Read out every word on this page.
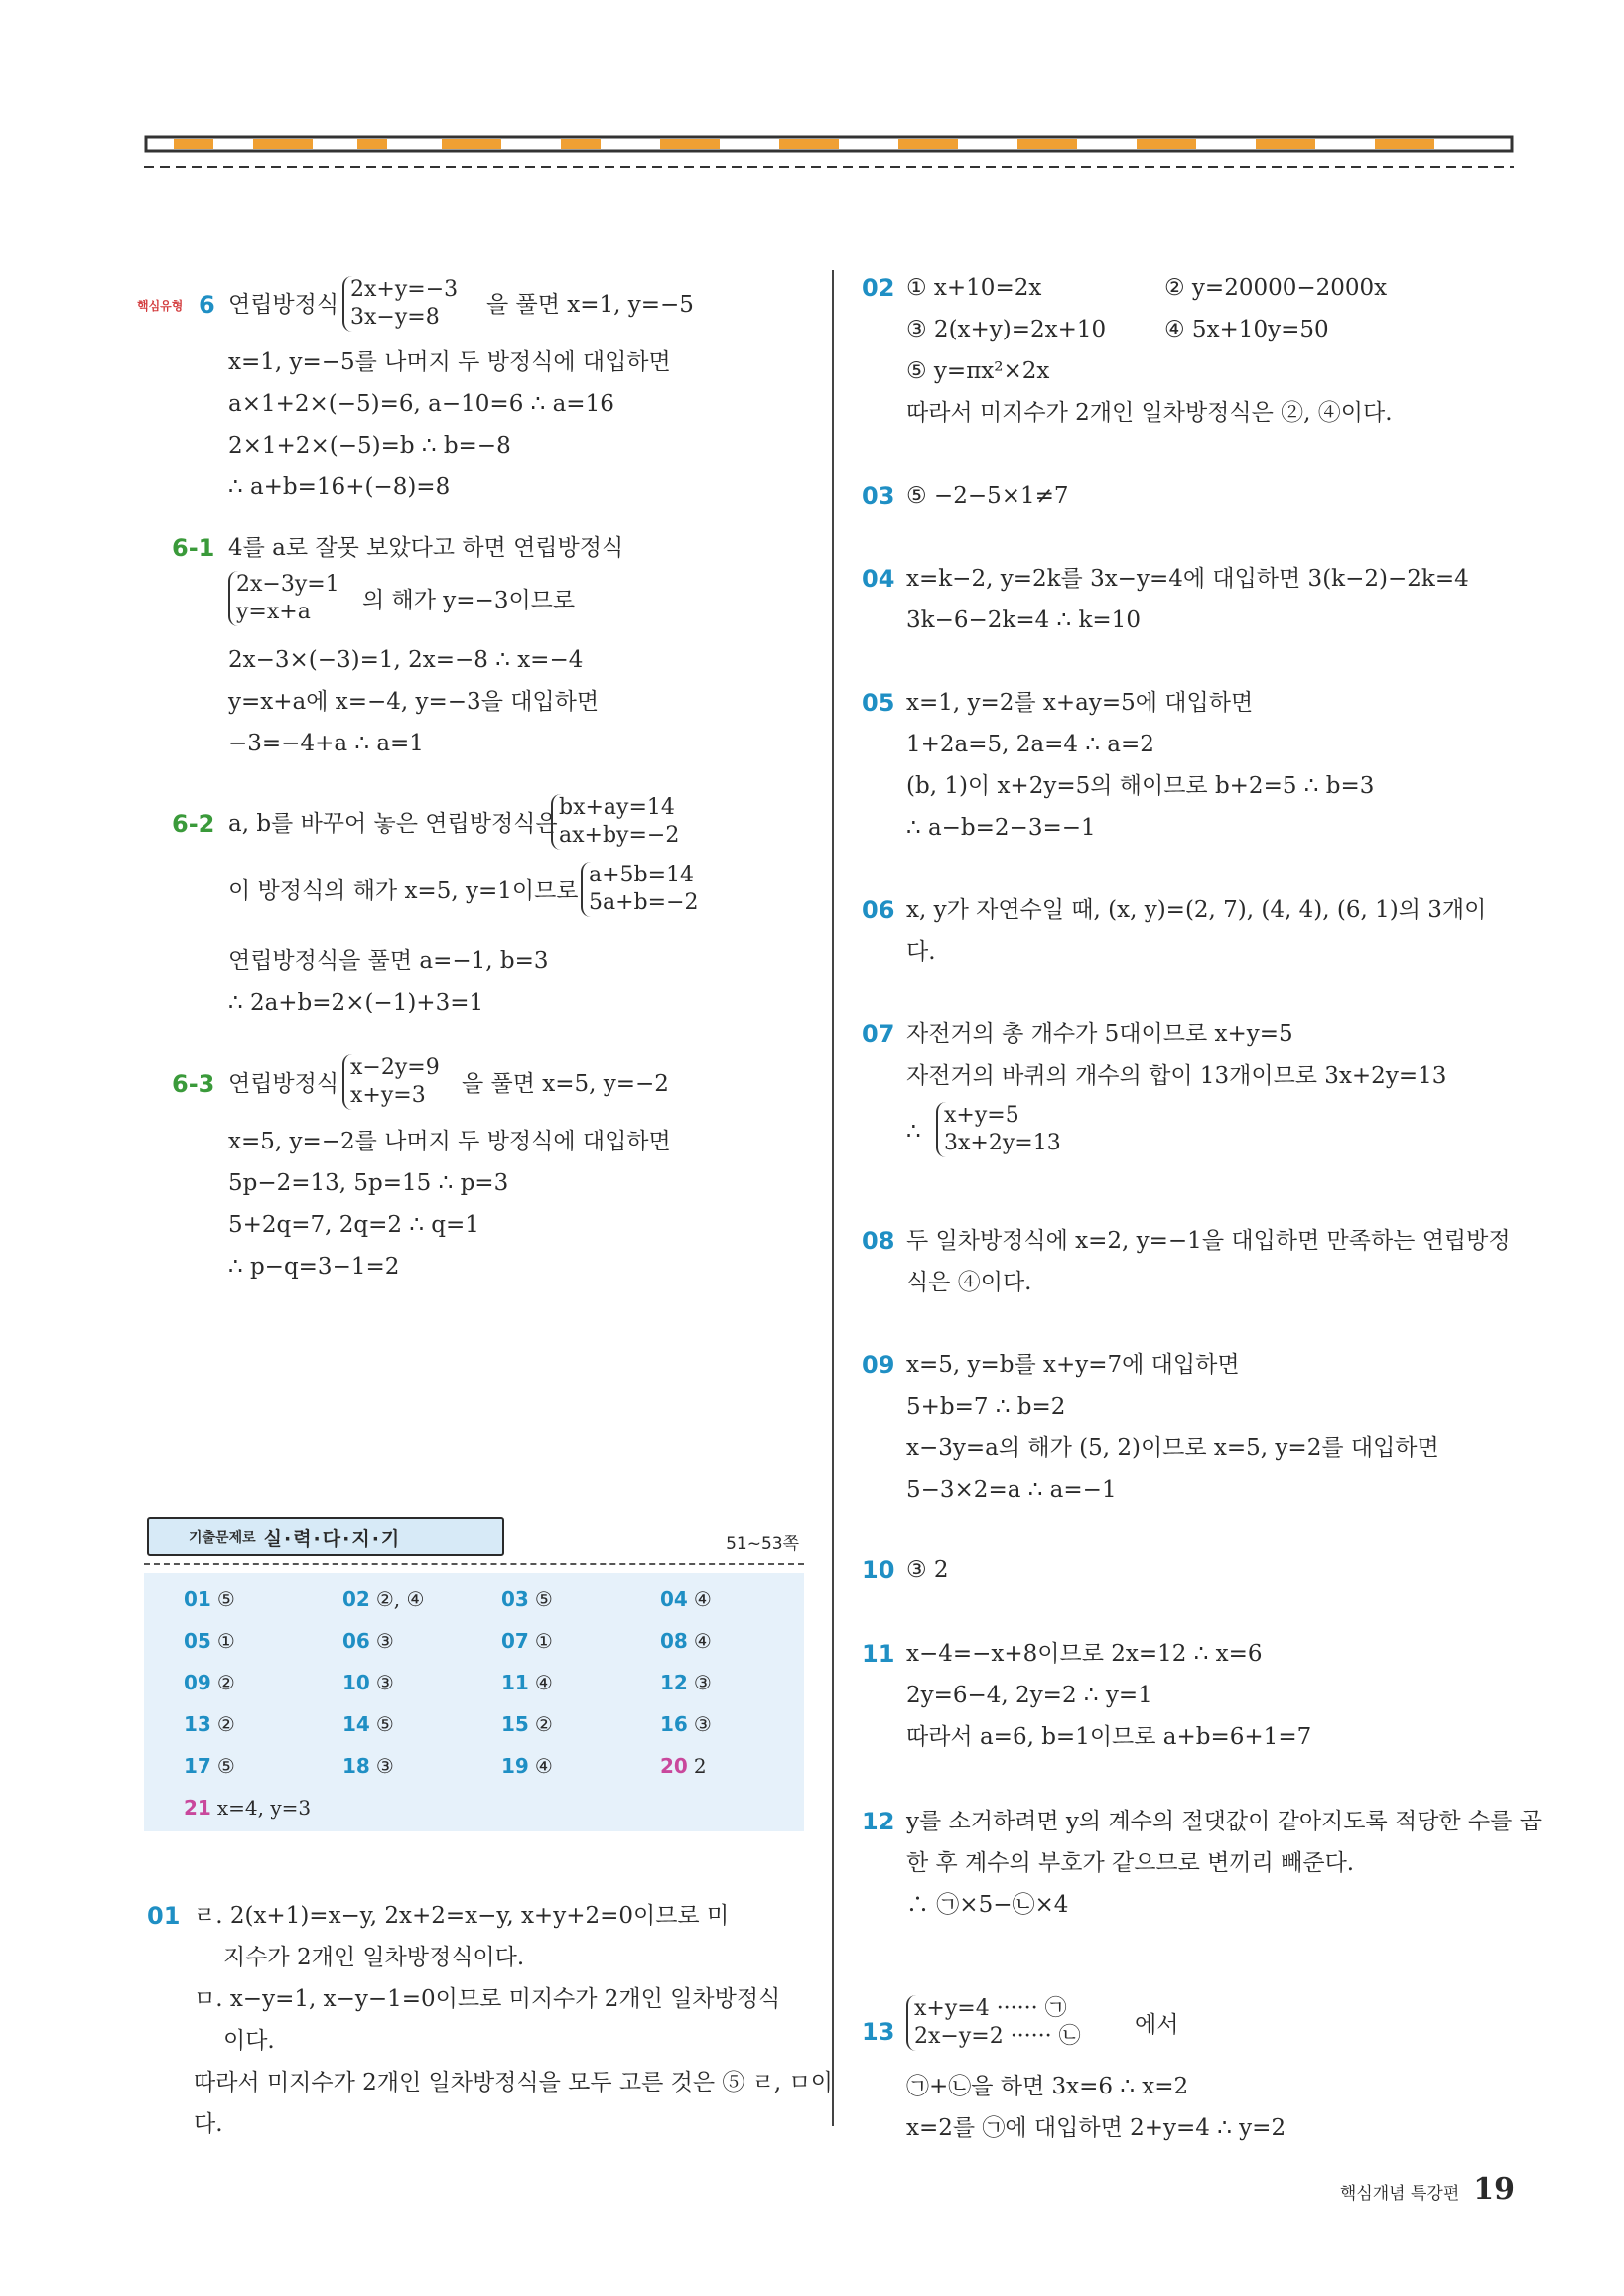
핵심유형 6 연립방정식
2x+y=−3
3x−y=8	을 풀면 x=1, y=−5
x=1, y=−5를 나머지 두 방정식에 대입하면
a×1+2×(−5)=6, a−10=6 ∴ a=16
2×1+2×(−5)=b ∴ b=−8
∴ a+b=16+(−8)=8
6-1 4를 a로 잘못 보았다고 하면 연립방정식
2x−3y=1
y=x+a	의 해가 y=−3이므로
2x−3×(−3)=1, 2x=−8 ∴ x=−4
y=x+a에 x=−4, y=−3을 대입하면
−3=−4+a ∴ a=1
6-2 a, b를 바꾸어 놓은 연립방정식은
bx+ay=14
ax+by=−2
이 방정식의 해가 x=5, y=1이므로
a+5b=14
5a+b=−2
연립방정식을 풀면 a=−1, b=3
∴ 2a+b=2×(−1)+3=1
6-3 연립방정식
x−2y=9
x+y=3	을 풀면 x=5, y=−2
x=5, y=−2를 나머지 두 방정식에 대입하면
5p−2=13, 5p=15 ∴ p=3
5+2q=7, 2q=2 ∴ q=1
∴ p−q=3−1=2
기출문제로 실·력·다·지·기	51~53쪽
01 ⑤	02 ②, ④	03 ⑤	04 ④
05 ①	06 ③	07 ①	08 ④
09 ②	10 ③	11 ④	12 ③
13 ②	14 ⑤	15 ②	16 ③
17 ⑤	18 ③	19 ④	20 2
21 x=4, y=3
01 ㄹ. 2(x+1)=x−y, 2x+2=x−y, x+y+2=0이므로 미
지수가 2개인 일차방정식이다.
ㅁ. x−y=1, x−y−1=0이므로 미지수가 2개인 일차방정식
이다.
따라서 미지수가 2개인 일차방정식을 모두 고른 것은 ⑤ ㄹ, ㅁ이
다.
02 ① x+10=2x	② y=20000−2000x
③ 2(x+y)=2x+10	④ 5x+10y=50
⑤ y=πx²×2x
따라서 미지수가 2개인 일차방정식은 ②, ④이다.
03 ⑤ −2−5×1≠7
04 x=k−2, y=2k를 3x−y=4에 대입하면 3(k−2)−2k=4
3k−6−2k=4 ∴ k=10
05 x=1, y=2를 x+ay=5에 대입하면
1+2a=5, 2a=4 ∴ a=2
(b, 1)이 x+2y=5의 해이므로 b+2=5 ∴ b=3
∴ a−b=2−3=−1
06 x, y가 자연수일 때, (x, y)=(2, 7), (4, 4), (6, 1)의 3개이
다.
07 자전거의 총 개수가 5대이므로 x+y=5
자전거의 바퀴의 개수의 합이 13개이므로 3x+2y=13
∴
x+y=5
3x+2y=13
08 두 일차방정식에 x=2, y=−1을 대입하면 만족하는 연립방정
식은 ④이다.
09 x=5, y=b를 x+y=7에 대입하면
5+b=7 ∴ b=2
x−3y=a의 해가 (5, 2)이므로 x=5, y=2를 대입하면
5−3×2=a ∴ a=−1
10 ③ 2
11 x−4=−x+8이므로 2x=12 ∴ x=6
2y=6−4, 2y=2 ∴ y=1
따라서 a=6, b=1이므로 a+b=6+1=7
12 y를 소거하려면 y의 계수의 절댓값이 같아지도록 적당한 수를 곱
한 후 계수의 부호가 같으므로 변끼리 빼준다.
∴ ㉠×5−㉡×4
13
x+y=4 ······ ㉠
2x−y=2 ······ ㉡ 에서
㉠+㉡을 하면 3x=6 ∴ x=2
x=2를 ㉠에 대입하면 2+y=4 ∴ y=2
핵심개념 특강편 19
